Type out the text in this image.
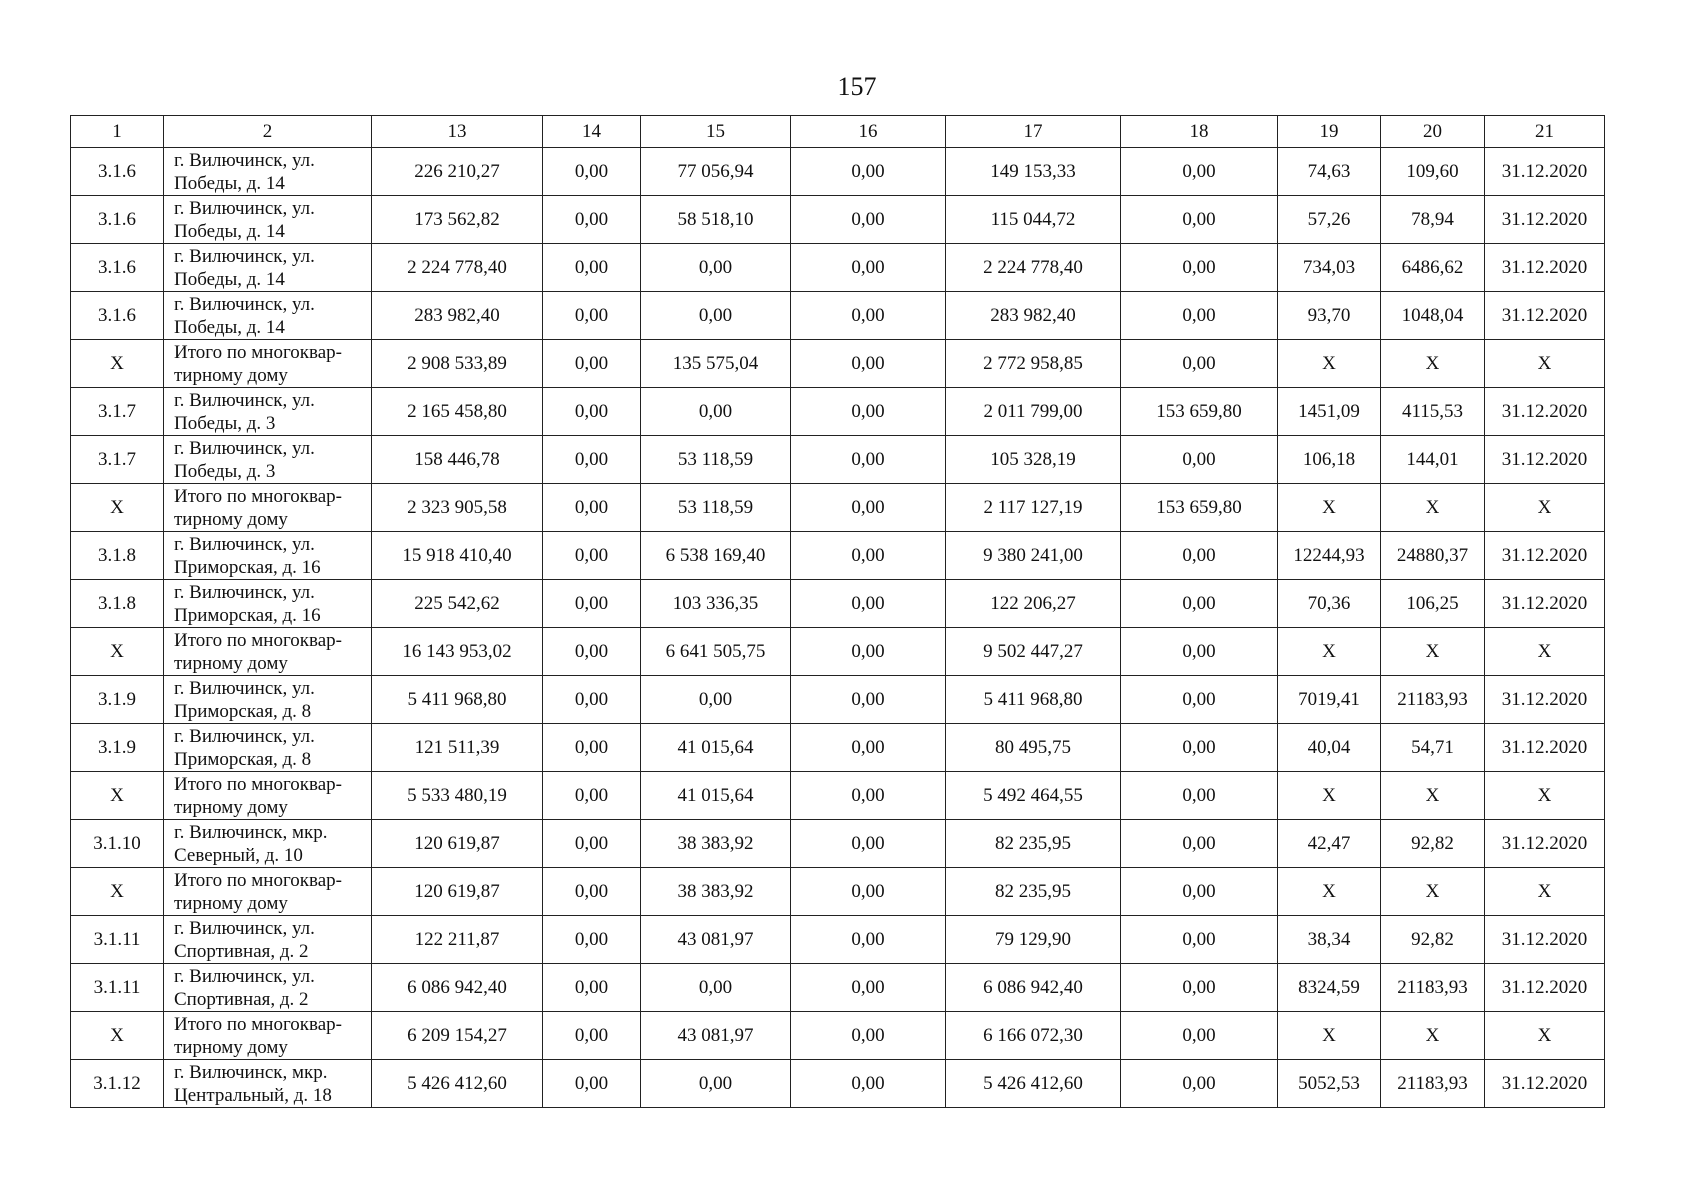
157
1	2	13	14	15	16	17	18	19	20	21
3.1.6	г. Вилючинск, ул. Победы, д. 14	226 210,27	0,00	77 056,94	0,00	149 153,33	0,00	74,63	109,60	31.12.2020
3.1.6	г. Вилючинск, ул. Победы, д. 14	173 562,82	0,00	58 518,10	0,00	115 044,72	0,00	57,26	78,94	31.12.2020
3.1.6	г. Вилючинск, ул. Победы, д. 14	2 224 778,40	0,00	0,00	0,00	2 224 778,40	0,00	734,03	6486,62	31.12.2020
3.1.6	г. Вилючинск, ул. Победы, д. 14	283 982,40	0,00	0,00	0,00	283 982,40	0,00	93,70	1048,04	31.12.2020
Х	Итого по многоквар-тирному дому	2 908 533,89	0,00	135 575,04	0,00	2 772 958,85	0,00	Х	Х	Х
3.1.7	г. Вилючинск, ул. Победы, д. 3	2 165 458,80	0,00	0,00	0,00	2 011 799,00	153 659,80	1451,09	4115,53	31.12.2020
3.1.7	г. Вилючинск, ул. Победы, д. 3	158 446,78	0,00	53 118,59	0,00	105 328,19	0,00	106,18	144,01	31.12.2020
Х	Итого по многоквар-тирному дому	2 323 905,58	0,00	53 118,59	0,00	2 117 127,19	153 659,80	Х	Х	Х
3.1.8	г. Вилючинск, ул. Приморская, д. 16	15 918 410,40	0,00	6 538 169,40	0,00	9 380 241,00	0,00	12244,93	24880,37	31.12.2020
3.1.8	г. Вилючинск, ул. Приморская, д. 16	225 542,62	0,00	103 336,35	0,00	122 206,27	0,00	70,36	106,25	31.12.2020
Х	Итого по многоквар-тирному дому	16 143 953,02	0,00	6 641 505,75	0,00	9 502 447,27	0,00	Х	Х	Х
3.1.9	г. Вилючинск, ул. Приморская, д. 8	5 411 968,80	0,00	0,00	0,00	5 411 968,80	0,00	7019,41	21183,93	31.12.2020
3.1.9	г. Вилючинск, ул. Приморская, д. 8	121 511,39	0,00	41 015,64	0,00	80 495,75	0,00	40,04	54,71	31.12.2020
Х	Итого по многоквар-тирному дому	5 533 480,19	0,00	41 015,64	0,00	5 492 464,55	0,00	Х	Х	Х
3.1.10	г. Вилючинск, мкр. Северный, д. 10	120 619,87	0,00	38 383,92	0,00	82 235,95	0,00	42,47	92,82	31.12.2020
Х	Итого по многоквар-тирному дому	120 619,87	0,00	38 383,92	0,00	82 235,95	0,00	Х	Х	Х
3.1.11	г. Вилючинск, ул. Спортивная, д. 2	122 211,87	0,00	43 081,97	0,00	79 129,90	0,00	38,34	92,82	31.12.2020
3.1.11	г. Вилючинск, ул. Спортивная, д. 2	6 086 942,40	0,00	0,00	0,00	6 086 942,40	0,00	8324,59	21183,93	31.12.2020
Х	Итого по многоквар-тирному дому	6 209 154,27	0,00	43 081,97	0,00	6 166 072,30	0,00	Х	Х	Х
3.1.12	г. Вилючинск, мкр. Центральный, д. 18	5 426 412,60	0,00	0,00	0,00	5 426 412,60	0,00	5052,53	21183,93	31.12.2020
